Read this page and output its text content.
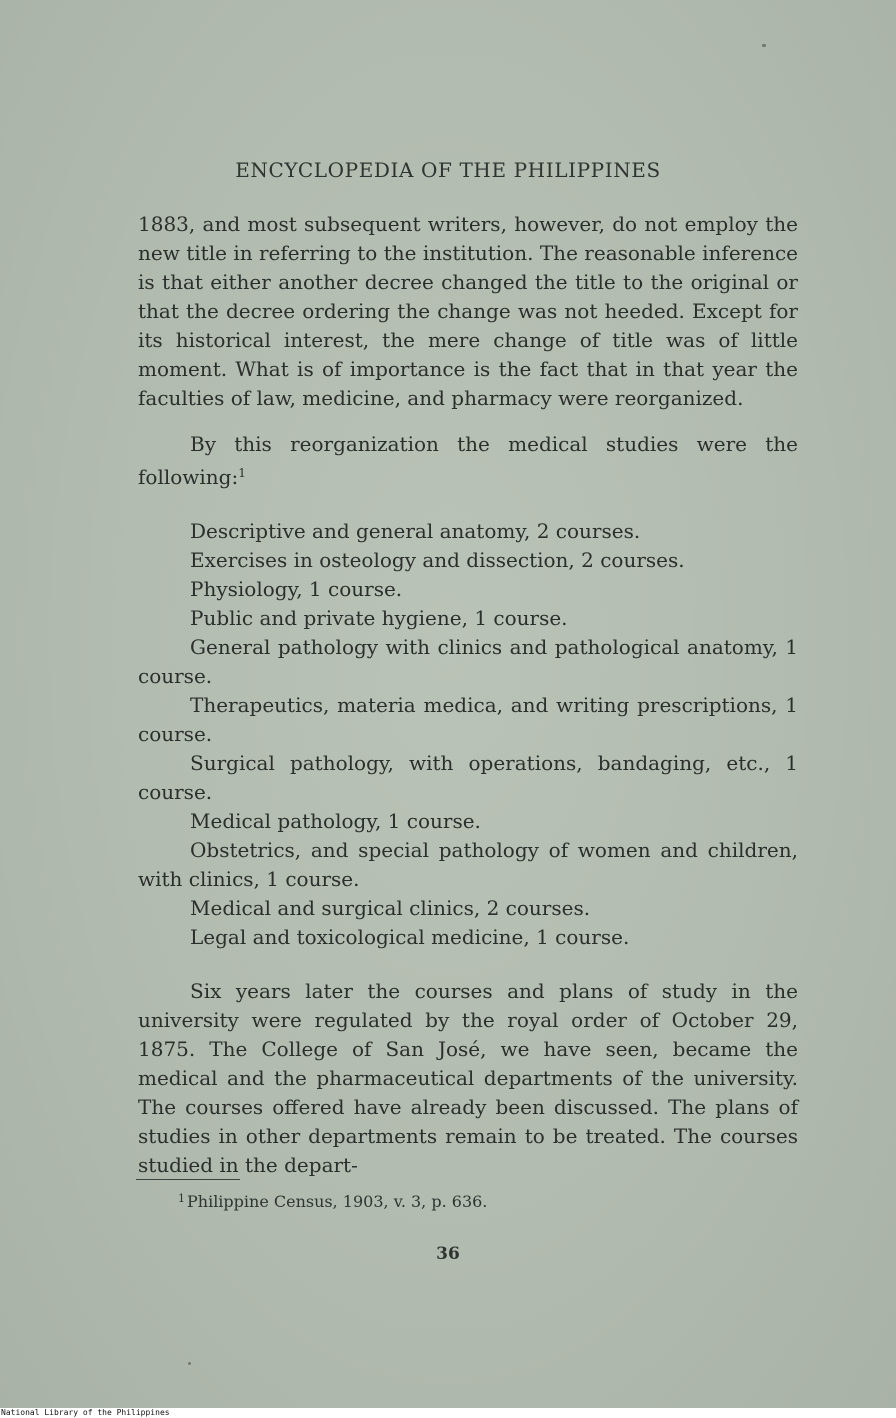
ENCYCLOPEDIA OF THE PHILIPPINES

1883, and most subsequent writers, however, do not employ the new title in referring to the institution. The reasonable inference is that either another decree changed the title to the original or that the decree ordering the change was not heeded. Except for its historical interest, the mere change of title was of little moment. What is of importance is the fact that in that year the faculties of law, medicine, and pharmacy were reorganized.

By this reorganization the medical studies were the following:$^1$

Descriptive and general anatomy, 2 courses.
Exercises in osteology and dissection, 2 courses.
Physiology, 1 course.
Public and private hygiene, 1 course.
General pathology with clinics and pathological anatomy, 1 course.
Therapeutics, materia medica, and writing prescriptions, 1 course.
Surgical pathology, with operations, bandaging, etc., 1 course.
Medical pathology, 1 course.
Obstetrics, and special pathology of women and children, with clinics, 1 course.
Medical and surgical clinics, 2 courses.
Legal and toxicological medicine, 1 course.

Six years later the courses and plans of study in the university were regulated by the royal order of October 29, 1875. The College of San José, we have seen, became the medical and the pharmaceutical departments of the university. The courses offered have already been discussed. The plans of studies in other departments remain to be treated. The courses studied in the depart-

$^1$ Philippine Census, 1903, v. 3, p. 636.
36
National Library of the Philippines
